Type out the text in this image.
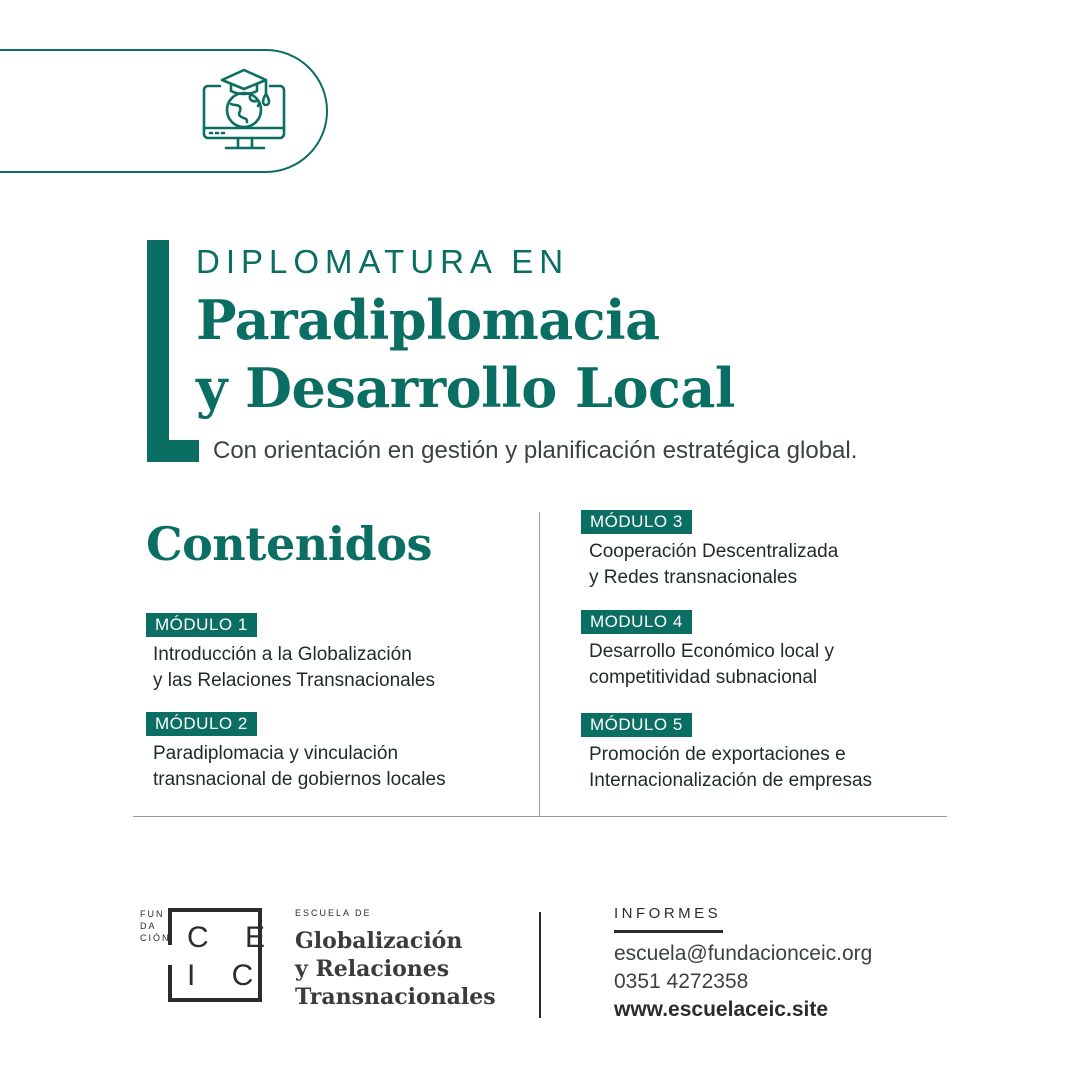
DIPLOMATURA EN
Paradiplomacia
y Desarrollo Local
Con orientación en gestión y planificación estratégica global.
Contenidos
MÓDULO 1
Introducción a la Globalización
y las Relaciones Transnacionales
MÓDULO 2
Paradiplomacia y vinculación
transnacional de gobiernos locales
MÓDULO 3
Cooperación Descentralizada
y Redes transnacionales
MODULO 4
Desarrollo Económico local y
competitividad subnacional
MÓDULO 5
Promoción de exportaciones e
Internacionalización de empresas
FUN
DA
CIÓN C E
I C
ESCUELA DE
Globalización
y Relaciones
Transnacionales
INFORMES
escuela@fundacionceic.org
0351 4272358
www.escuelaceic.site
